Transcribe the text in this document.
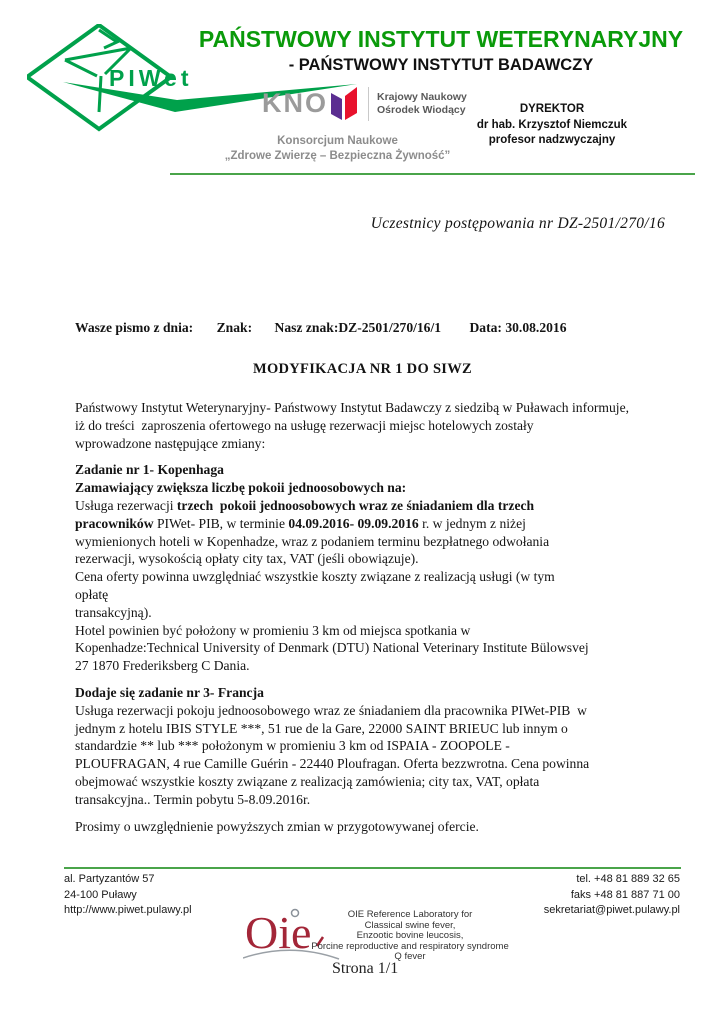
PIWet
PAŃSTWOWY INSTYTUT WETERYNARYJNY
- PAŃSTWOWY INSTYTUT BADAWCZY
KNO	Krajowy Naukowy
Ośrodek Wiodący
Konsorcjum Naukowe
„Zdrowe Zwierzę – Bezpieczna Żywność”
DYREKTOR
dr hab. Krzysztof Niemczuk
profesor nadzwyczajny
Uczestnicy postępowania nr DZ-2501/270/16
Wasze pismo z dnia: Znak: Nasz znak:DZ-2501/270/16/1 Data: 30.08.2016
MODYFIKACJA NR 1 DO SIWZ
Państwowy Instytut Weterynaryjny- Państwowy Instytut Badawczy z siedzibą w Puławach informuje,
iż do treści  zaproszenia ofertowego na usługę rezerwacji miejsc hotelowych zostały
wprowadzone następujące zmiany:
Zadanie nr 1- Kopenhaga
Zamawiający zwiększa liczbę pokoii jednoosobowych na:
Usługa rezerwacji trzech  pokoii jednoosobowych wraz ze śniadaniem dla trzech
pracowników PIWet- PIB, w terminie 04.09.2016- 09.09.2016 r. w jednym z niżej
wymienionych hoteli w Kopenhadze, wraz z podaniem terminu bezpłatnego odwołania
rezerwacji, wysokością opłaty city tax, VAT (jeśli obowiązuje).
Cena oferty powinna uwzględniać wszystkie koszty związane z realizacją usługi (w tym
opłatę
transakcyjną).
Hotel powinien być położony w promieniu 3 km od miejsca spotkania w
Kopenhadze:Technical University of Denmark (DTU) National Veterinary Institute Bülowsvej
27 1870 Frederiksberg C Dania.
Dodaje się zadanie nr 3- Francja
Usługa rezerwacji pokoju jednoosobowego wraz ze śniadaniem dla pracownika PIWet-PIB  w
jednym z hotelu IBIS STYLE ***, 51 rue de la Gare, 22000 SAINT BRIEUC lub innym o
standardzie ** lub *** położonym w promieniu 3 km od ISPAIA - ZOOPOLE -
PLOUFRAGAN, 4 rue Camille Guérin - 22440 Ploufragan. Oferta bezzwrotna. Cena powinna
obejmować wszystkie koszty związane z realizacją zamówienia; city tax, VAT, opłata
transakcyjna.. Termin pobytu 5-8.09.2016r.
Prosimy o uwzględnienie powyższych zmian w przygotowywanej ofercie.
al. Partyzantów 57
24-100 Puławy
http://www.piwet.pulawy.pl
tel. +48 81 889 32 65
faks +48 81 887 71 00
sekretariat@piwet.pulawy.pl
Oie	OIE Reference Laboratory for
Classical swine fever,
Enzootic bovine leucosis,
Porcine reproductive and respiratory syndrome
Q fever
Strona 1/1
